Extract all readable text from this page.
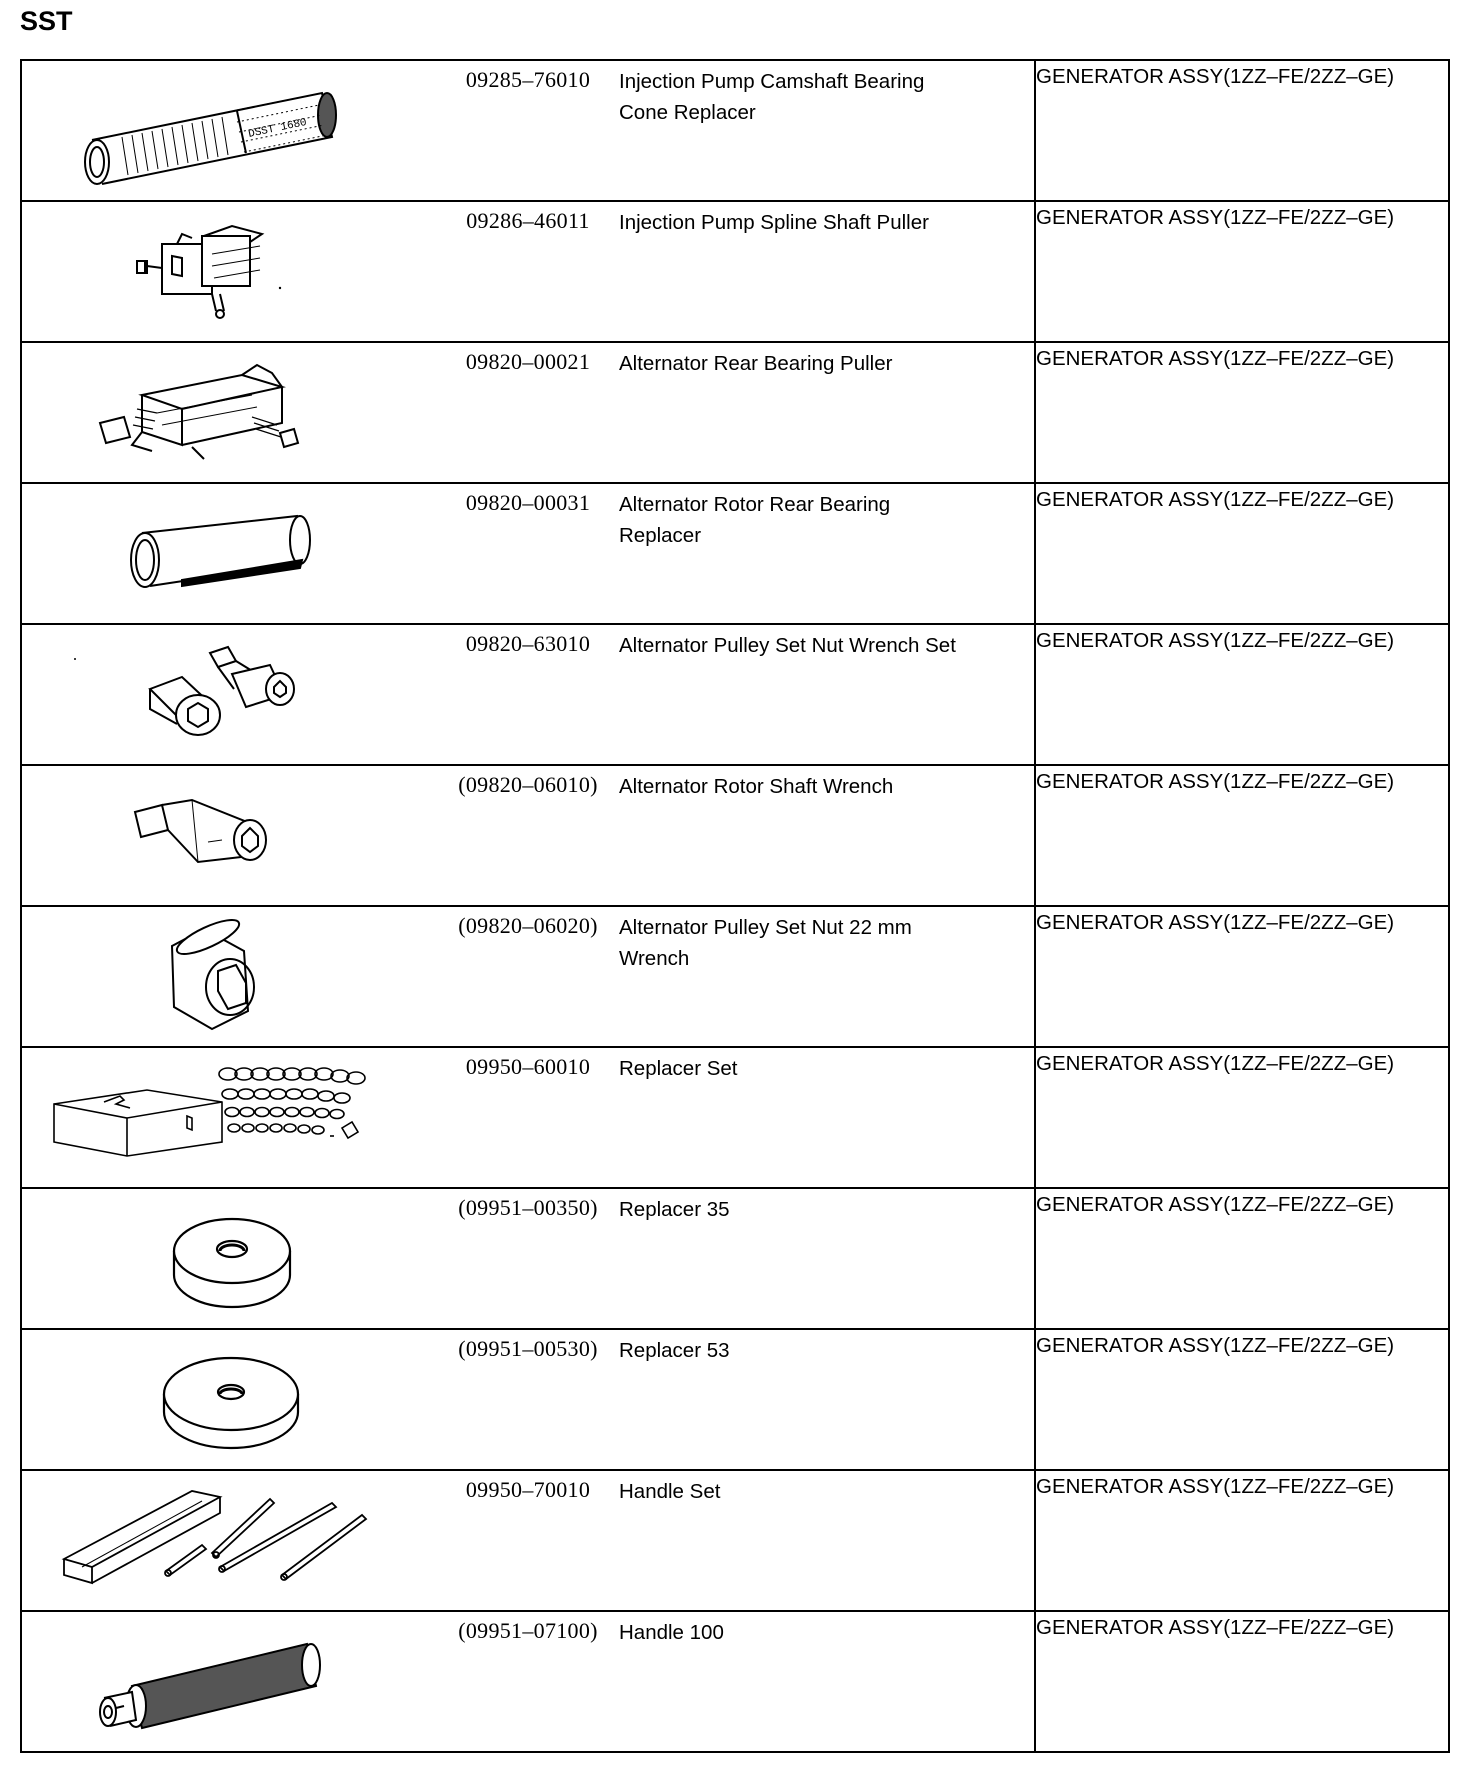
SST
DSST 1680
09285–76010 Injection Pump Camshaft Bearing Cone Replacer	GENERATOR ASSY(1ZZ–FE/2ZZ–GE)

09286–46011 Injection Pump Spline Shaft Puller	GENERATOR ASSY(1ZZ–FE/2ZZ–GE)

09820–00021 Alternator Rear Bearing Puller	GENERATOR ASSY(1ZZ–FE/2ZZ–GE)

09820–00031 Alternator Rotor Rear Bearing Replacer	GENERATOR ASSY(1ZZ–FE/2ZZ–GE)

09820–63010 Alternator Pulley Set Nut Wrench Set	GENERATOR ASSY(1ZZ–FE/2ZZ–GE)

(09820–06010) Alternator Rotor Shaft Wrench	GENERATOR ASSY(1ZZ–FE/2ZZ–GE)

(09820–06020) Alternator Pulley Set Nut 22 mm Wrench	GENERATOR ASSY(1ZZ–FE/2ZZ–GE)

09950–60010 Replacer Set	GENERATOR ASSY(1ZZ–FE/2ZZ–GE)

(09951–00350) Replacer 35	GENERATOR ASSY(1ZZ–FE/2ZZ–GE)

(09951–00530) Replacer 53	GENERATOR ASSY(1ZZ–FE/2ZZ–GE)

09950–70010 Handle Set	GENERATOR ASSY(1ZZ–FE/2ZZ–GE)

(09951–07100) Handle 100	GENERATOR ASSY(1ZZ–FE/2ZZ–GE)
